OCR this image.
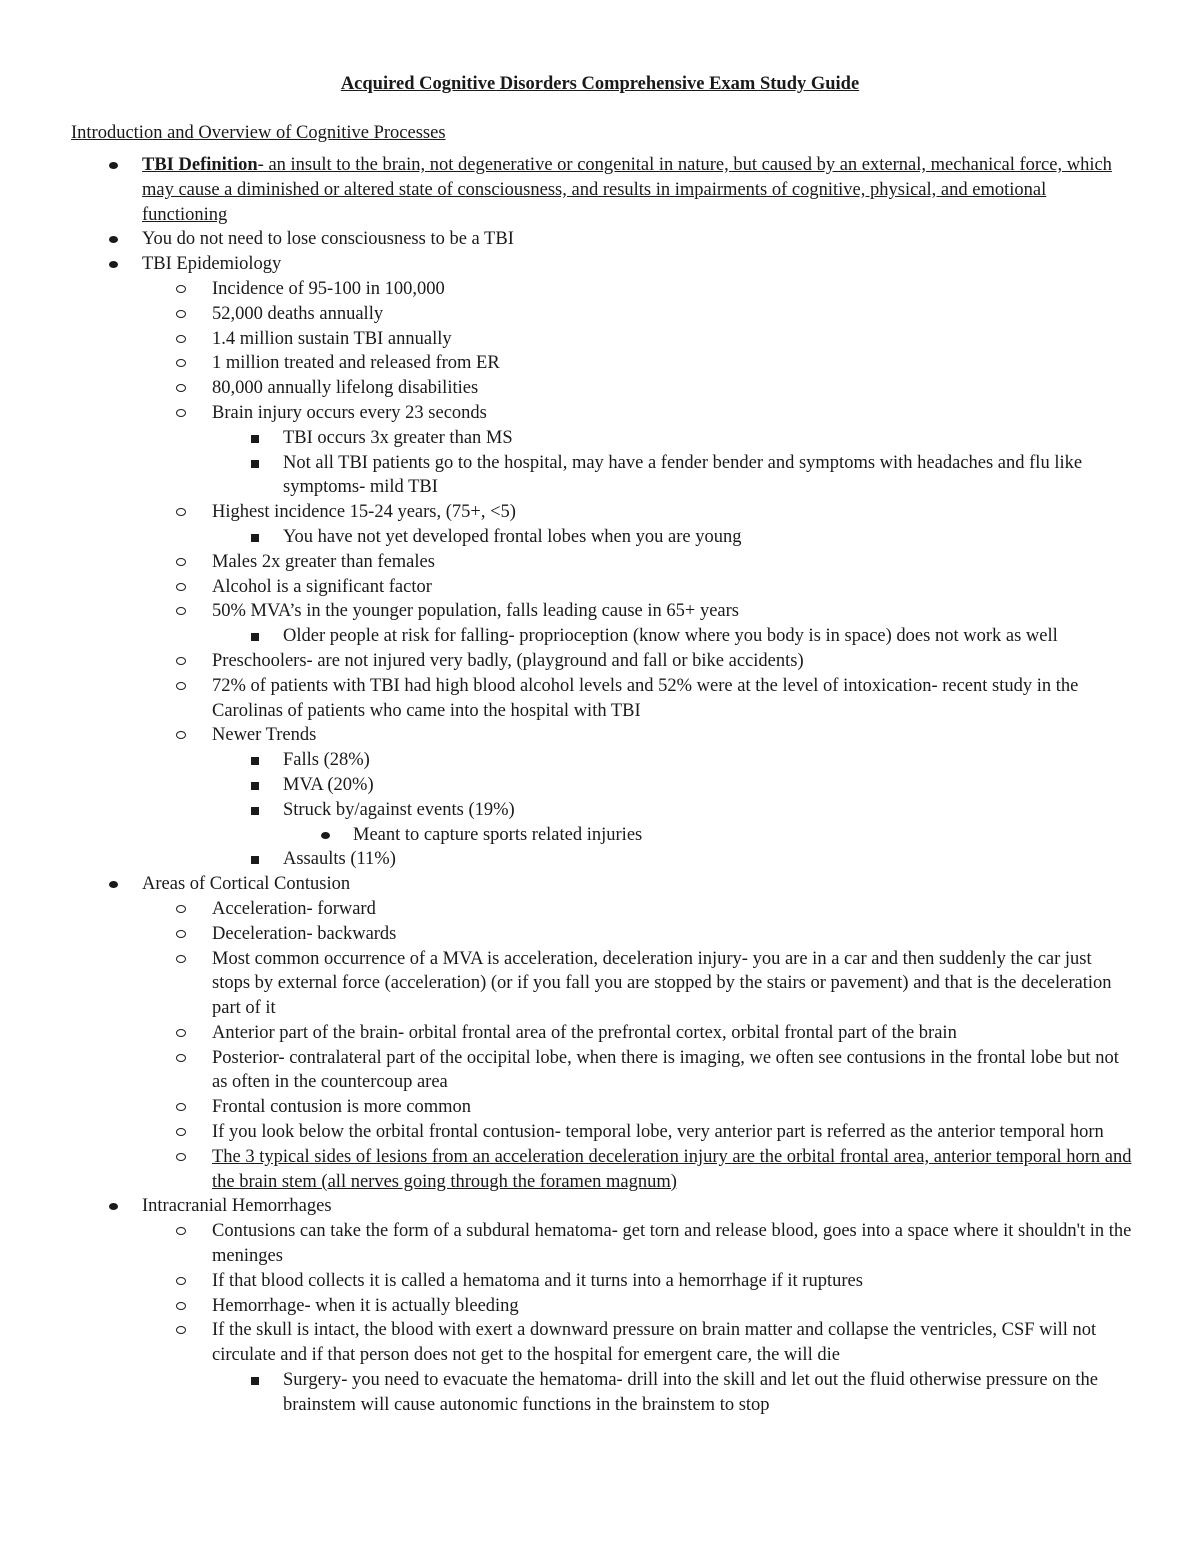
Acquired Cognitive Disorders Comprehensive Exam Study Guide
Introduction and Overview of Cognitive Processes
TBI Definition- an insult to the brain, not degenerative or congenital in nature, but caused by an external, mechanical force, which may cause a diminished or altered state of consciousness, and results in impairments of cognitive, physical, and emotional functioning
You do not need to lose consciousness to be a TBI
TBI Epidemiology
Incidence of 95-100 in 100,000
52,000 deaths annually
1.4 million sustain TBI annually
1 million treated and released from ER
80,000 annually lifelong disabilities
Brain injury occurs every 23 seconds
TBI occurs 3x greater than MS
Not all TBI patients go to the hospital, may have a fender bender and symptoms with headaches and flu like symptoms- mild TBI
Highest incidence 15-24 years, (75+, <5)
You have not yet developed frontal lobes when you are young
Males 2x greater than females
Alcohol is a significant factor
50% MVA’s in the younger population, falls leading cause in 65+ years
Older people at risk for falling- proprioception (know where you body is in space) does not work as well
Preschoolers- are not injured very badly, (playground and fall or bike accidents)
72% of patients with TBI had high blood alcohol levels and 52% were at the level of intoxication- recent study in the Carolinas of patients who came into the hospital with TBI
Newer Trends
Falls (28%)
MVA (20%)
Struck by/against events (19%)
Meant to capture sports related injuries
Assaults (11%)
Areas of Cortical Contusion
Acceleration- forward
Deceleration- backwards
Most common occurrence of a MVA is acceleration, deceleration injury- you are in a car and then suddenly the car just stops by external force (acceleration) (or if you fall you are stopped by the stairs or pavement) and that is the deceleration part of it
Anterior part of the brain- orbital frontal area of the prefrontal cortex, orbital frontal part of the brain
Posterior- contralateral part of the occipital lobe, when there is imaging, we often see contusions in the frontal lobe but not as often in the countercoup area
Frontal contusion is more common
If you look below the orbital frontal contusion- temporal lobe, very anterior part is referred as the anterior temporal horn
The 3 typical sides of lesions from an acceleration deceleration injury are the orbital frontal area, anterior temporal horn and the brain stem (all nerves going through the foramen magnum)
Intracranial Hemorrhages
Contusions can take the form of a subdural hematoma- get torn and release blood, goes into a space where it shouldn't in the meninges
If that blood collects it is called a hematoma and it turns into a hemorrhage if it ruptures
Hemorrhage- when it is actually bleeding
If the skull is intact, the blood with exert a downward pressure on brain matter and collapse the ventricles, CSF will not circulate and if that person does not get to the hospital for emergent care, the will die
Surgery- you need to evacuate the hematoma- drill into the skill and let out the fluid otherwise pressure on the brainstem will cause autonomic functions in the brainstem to stop
